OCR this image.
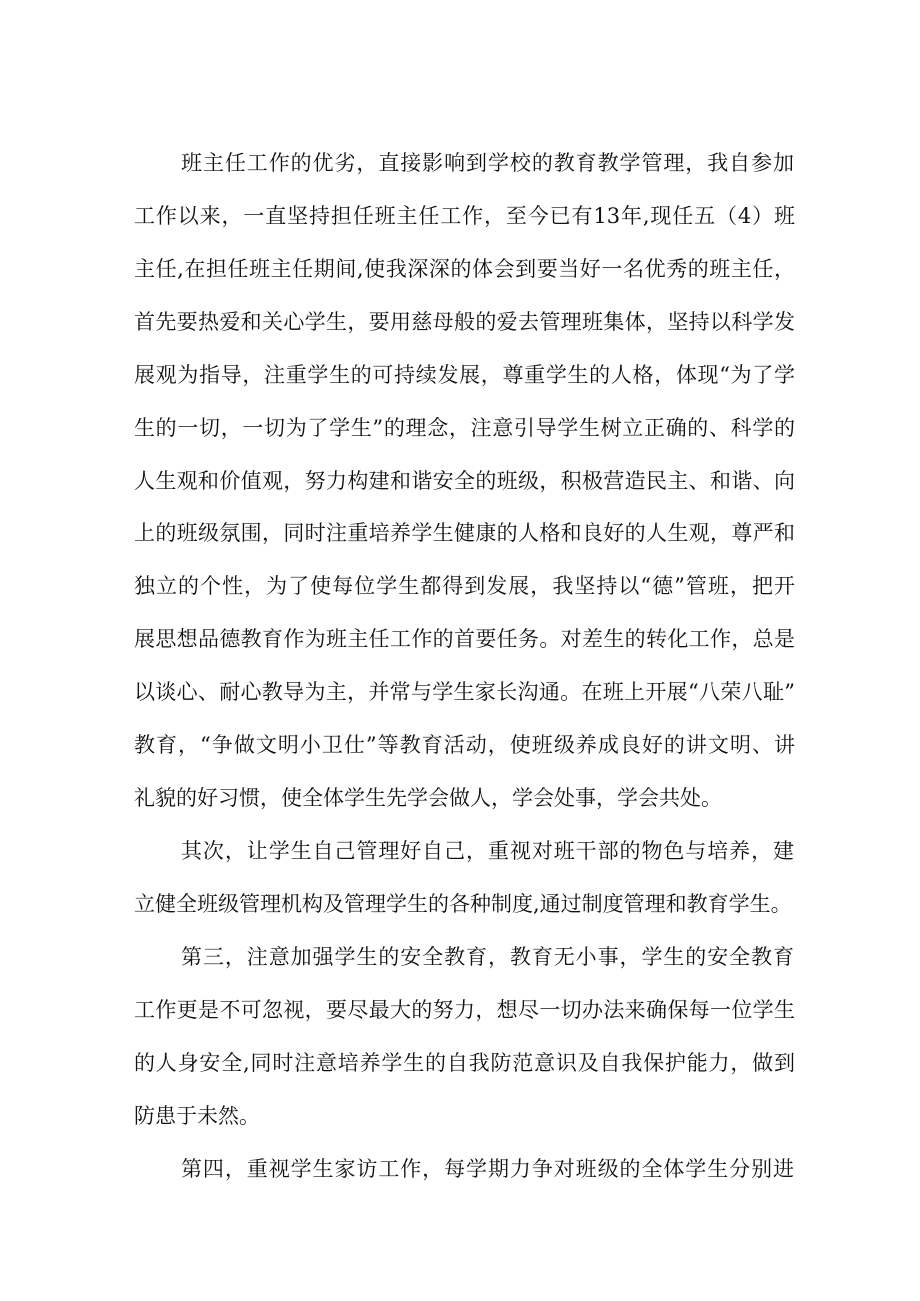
班主任工作的优劣，直接影响到学校的教育教学管理，我自参加
工作以来，一直坚持担任班主任工作，至今已有13年,现任五（4）班
主任,在担任班主任期间,使我深深的体会到要当好一名优秀的班主任，
首先要热爱和关心学生，要用慈母般的爱去管理班集体，坚持以科学发
展观为指导，注重学生的可持续发展，尊重学生的人格，体现“为了学
生的一切，一切为了学生”的理念，注意引导学生树立正确的、科学的
人生观和价值观，努力构建和谐安全的班级，积极营造民主、和谐、向
上的班级氛围，同时注重培养学生健康的人格和良好的人生观，尊严和
独立的个性，为了使每位学生都得到发展，我坚持以“德”管班，把开
展思想品德教育作为班主任工作的首要任务。对差生的转化工作，总是
以谈心、耐心教导为主，并常与学生家长沟通。在班上开展“八荣八耻”
教育，“争做文明小卫仕”等教育活动，使班级养成良好的讲文明、讲
礼貌的好习惯，使全体学生先学会做人，学会处事，学会共处。
其次，让学生自己管理好自己，重视对班干部的物色与培养，建
立健全班级管理机构及管理学生的各种制度,通过制度管理和教育学生。
第三，注意加强学生的安全教育，教育无小事，学生的安全教育
工作更是不可忽视，要尽最大的努力，想尽一切办法来确保每一位学生
的人身安全,同时注意培养学生的自我防范意识及自我保护能力，做到
防患于未然。
第四，重视学生家访工作，每学期力争对班级的全体学生分别进
